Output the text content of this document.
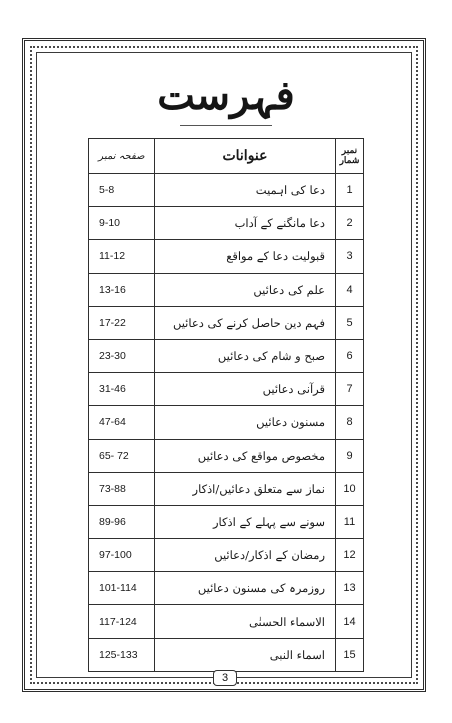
فہرست
نمبر شمار	عنوانات	صفحہ نمبر
1	دعا کی اہمیت	5-8
2	دعا مانگنے کے آداب	9-10
3	قبولیت دعا کے مواقع	11-12
4	علم کی دعائیں	13-16
5	فہم دین حاصل کرنے کی دعائیں	17-22
6	صبح و شام کی دعائیں	23-30
7	قرآنی دعائیں	31-46
8	مسنون دعائیں	47-64
9	مخصوص مواقع کی دعائیں	65- 72
10	نماز سے متعلق دعائیں/اذکار	73-88
11	سونے سے پہلے کے اذکار	89-96
12	رمضان کے اذکار/دعائیں	97-100
13	روزمرہ کی مسنون دعائیں	101-114
14	الاسماء الحسنٰی	117-124
15	اسماء النبی	125-133
3
